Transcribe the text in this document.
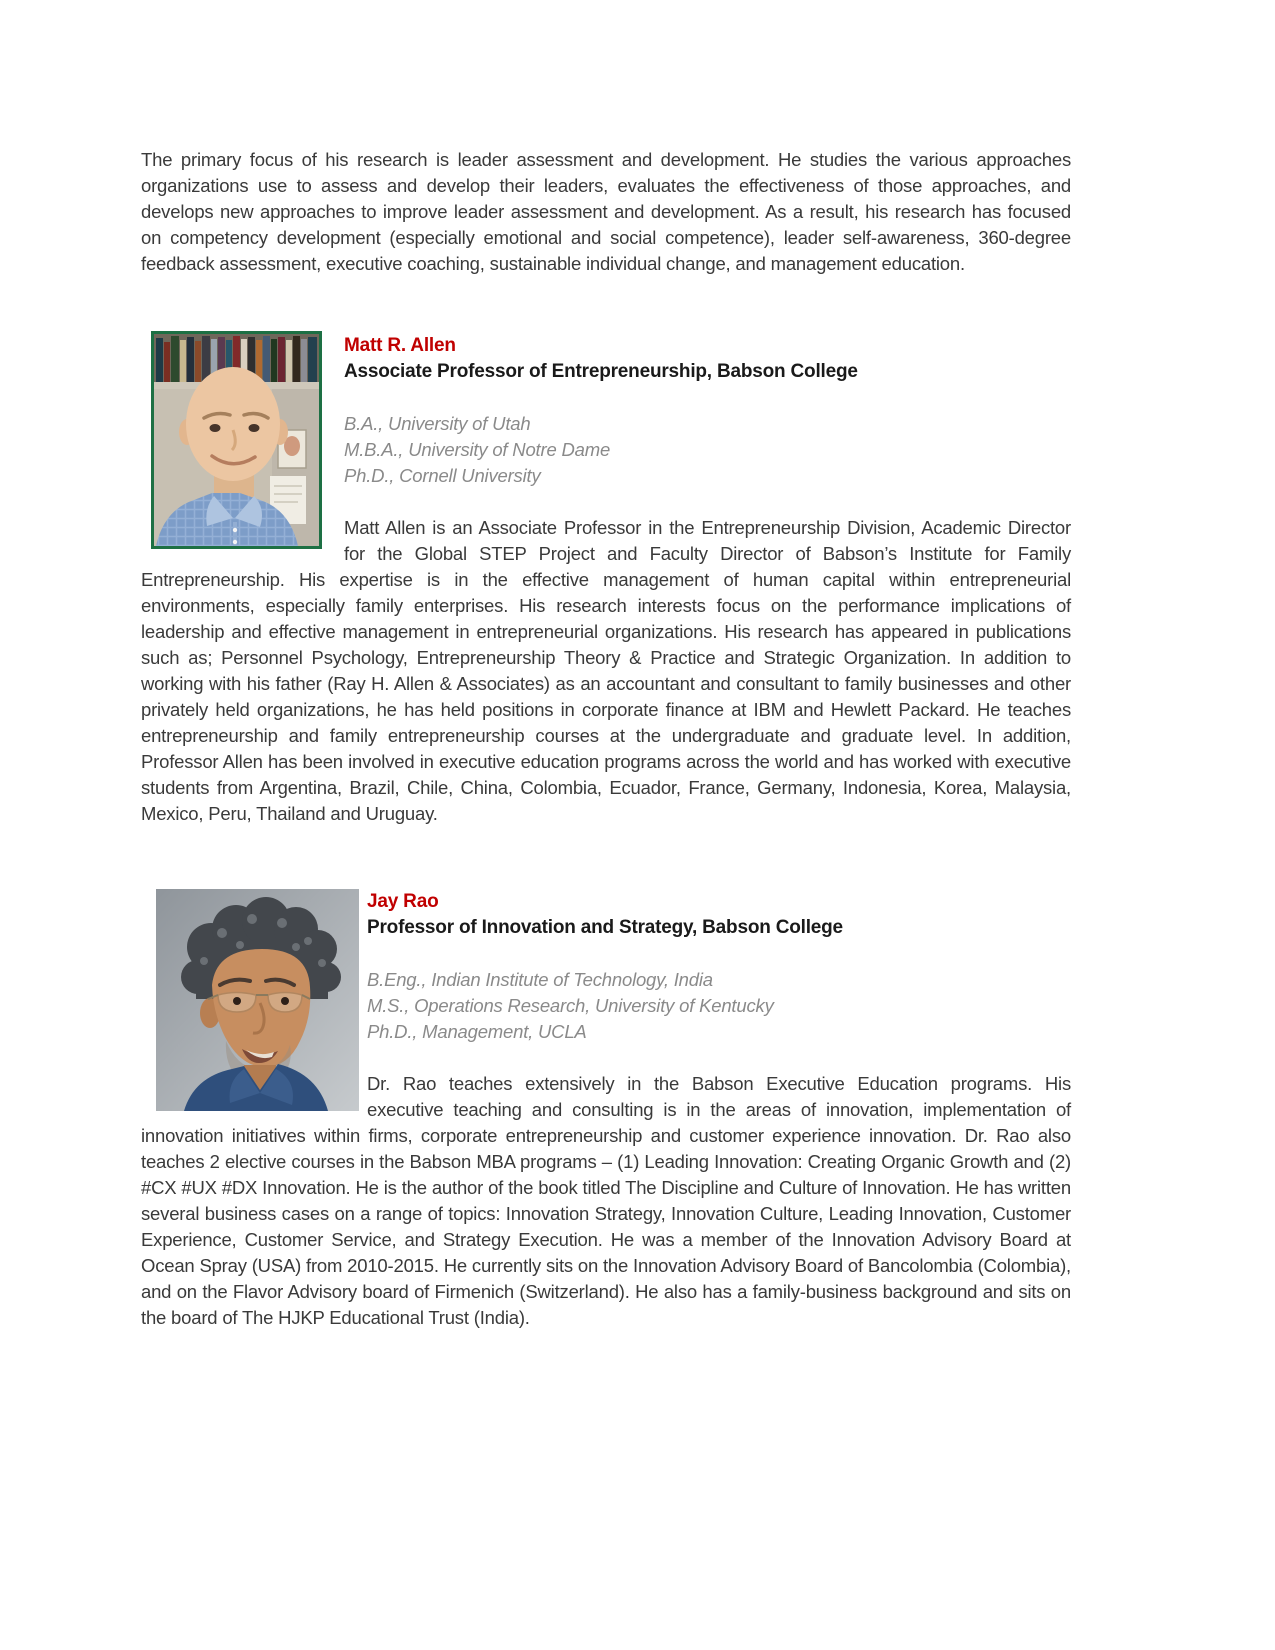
The primary focus of his research is leader assessment and development. He studies the various approaches organizations use to assess and develop their leaders, evaluates the effectiveness of those approaches, and develops new approaches to improve leader assessment and development. As a result, his research has focused on competency development (especially emotional and social competence), leader self-awareness, 360-degree feedback assessment, executive coaching, sustainable individual change, and management education.

Matt R. Allen
Associate Professor of Entrepreneurship, Babson College
B.A., University of Utah
M.B.A., University of Notre Dame
Ph.D., Cornell University

Matt Allen is an Associate Professor in the Entrepreneurship Division, Academic Director for the Global STEP Project and Faculty Director of Babson’s Institute for Family Entrepreneurship. His expertise is in the effective management of human capital within entrepreneurial environments, especially family enterprises. His research interests focus on the performance implications of leadership and effective management in entrepreneurial organizations. His research has appeared in publications such as; Personnel Psychology, Entrepreneurship Theory & Practice and Strategic Organization. In addition to working with his father (Ray H. Allen & Associates) as an accountant and consultant to family businesses and other privately held organizations, he has held positions in corporate finance at IBM and Hewlett Packard. He teaches entrepreneurship and family entrepreneurship courses at the undergraduate and graduate level. In addition, Professor Allen has been involved in executive education programs across the world and has worked with executive students from Argentina, Brazil, Chile, China, Colombia, Ecuador, France, Germany, Indonesia, Korea, Malaysia, Mexico, Peru, Thailand and Uruguay.

Jay Rao
Professor of Innovation and Strategy, Babson College
B.Eng., Indian Institute of Technology, India
M.S., Operations Research, University of Kentucky
Ph.D., Management, UCLA

Dr. Rao teaches extensively in the Babson Executive Education programs. His executive teaching and consulting is in the areas of innovation, implementation of innovation initiatives within firms, corporate entrepreneurship and customer experience innovation. Dr. Rao also teaches 2 elective courses in the Babson MBA programs – (1) Leading Innovation: Creating Organic Growth and (2) #CX #UX #DX Innovation. He is the author of the book titled The Discipline and Culture of Innovation. He has written several business cases on a range of topics: Innovation Strategy, Innovation Culture, Leading Innovation, Customer Experience, Customer Service, and Strategy Execution. He was a member of the Innovation Advisory Board at Ocean Spray (USA) from 2010-2015. He currently sits on the Innovation Advisory Board of Bancolombia (Colombia), and on the Flavor Advisory board of Firmenich (Switzerland). He also has a family-business background and sits on the board of The HJKP Educational Trust (India).
